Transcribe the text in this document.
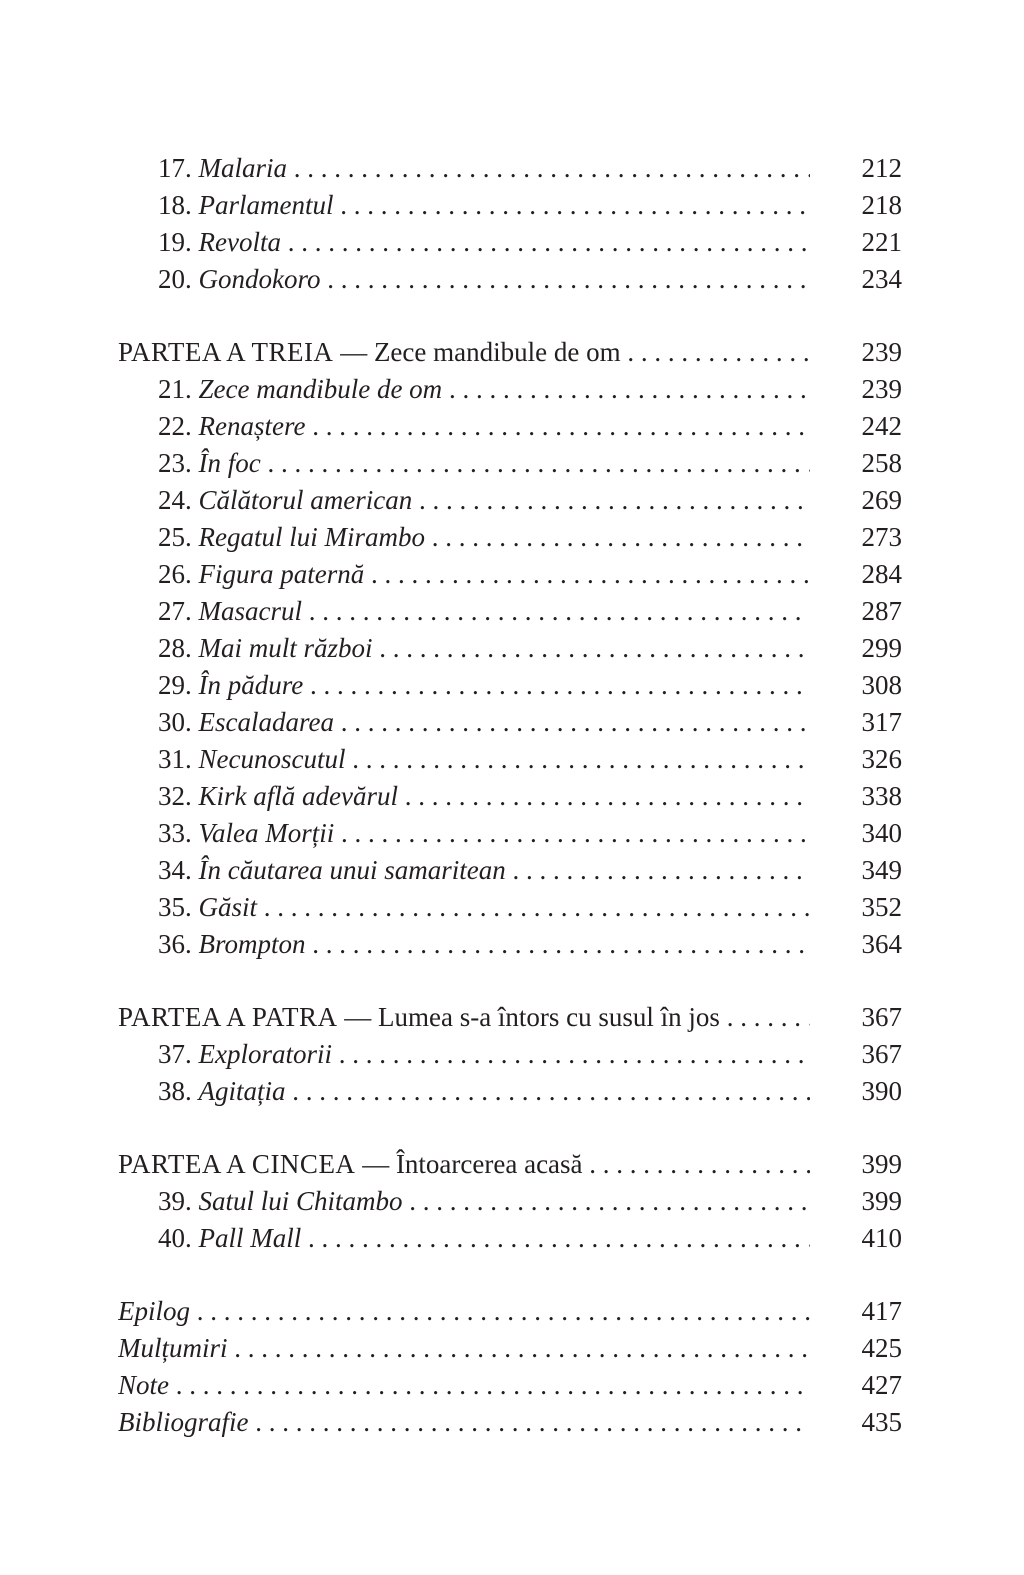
17. Malaria . . .	212
18. Parlamentul . . .	218
19. Revolta . . .	221
20. Gondokoro . . .	234
PARTEA A TREIA — Zece mandibule de om . . .	239
21. Zece mandibule de om . . .	239
22. Renaștere . . .	242
23. În foc . . .	258
24. Călătorul american . . .	269
25. Regatul lui Mirambo . . .	273
26. Figura paternă . . .	284
27. Masacrul . . .	287
28. Mai mult război . . .	299
29. În pădure . . .	308
30. Escaladarea . . .	317
31. Necunoscutul . . .	326
32. Kirk află adevărul . . .	338
33. Valea Morții . . .	340
34. În căutarea unui samaritean . . .	349
35. Găsit . . .	352
36. Brompton . . .	364
PARTEA A PATRA — Lumea s-a întors cu susul în jos . . .	367
37. Exploratorii . . .	367
38. Agitația . . .	390
PARTEA A CINCEA — Întoarcerea acasă . . .	399
39. Satul lui Chitambo . . .	399
40. Pall Mall . . .	410
Epilog . . .	417
Mulțumiri . . .	425
Note . . .	427
Bibliografie . . .	435
